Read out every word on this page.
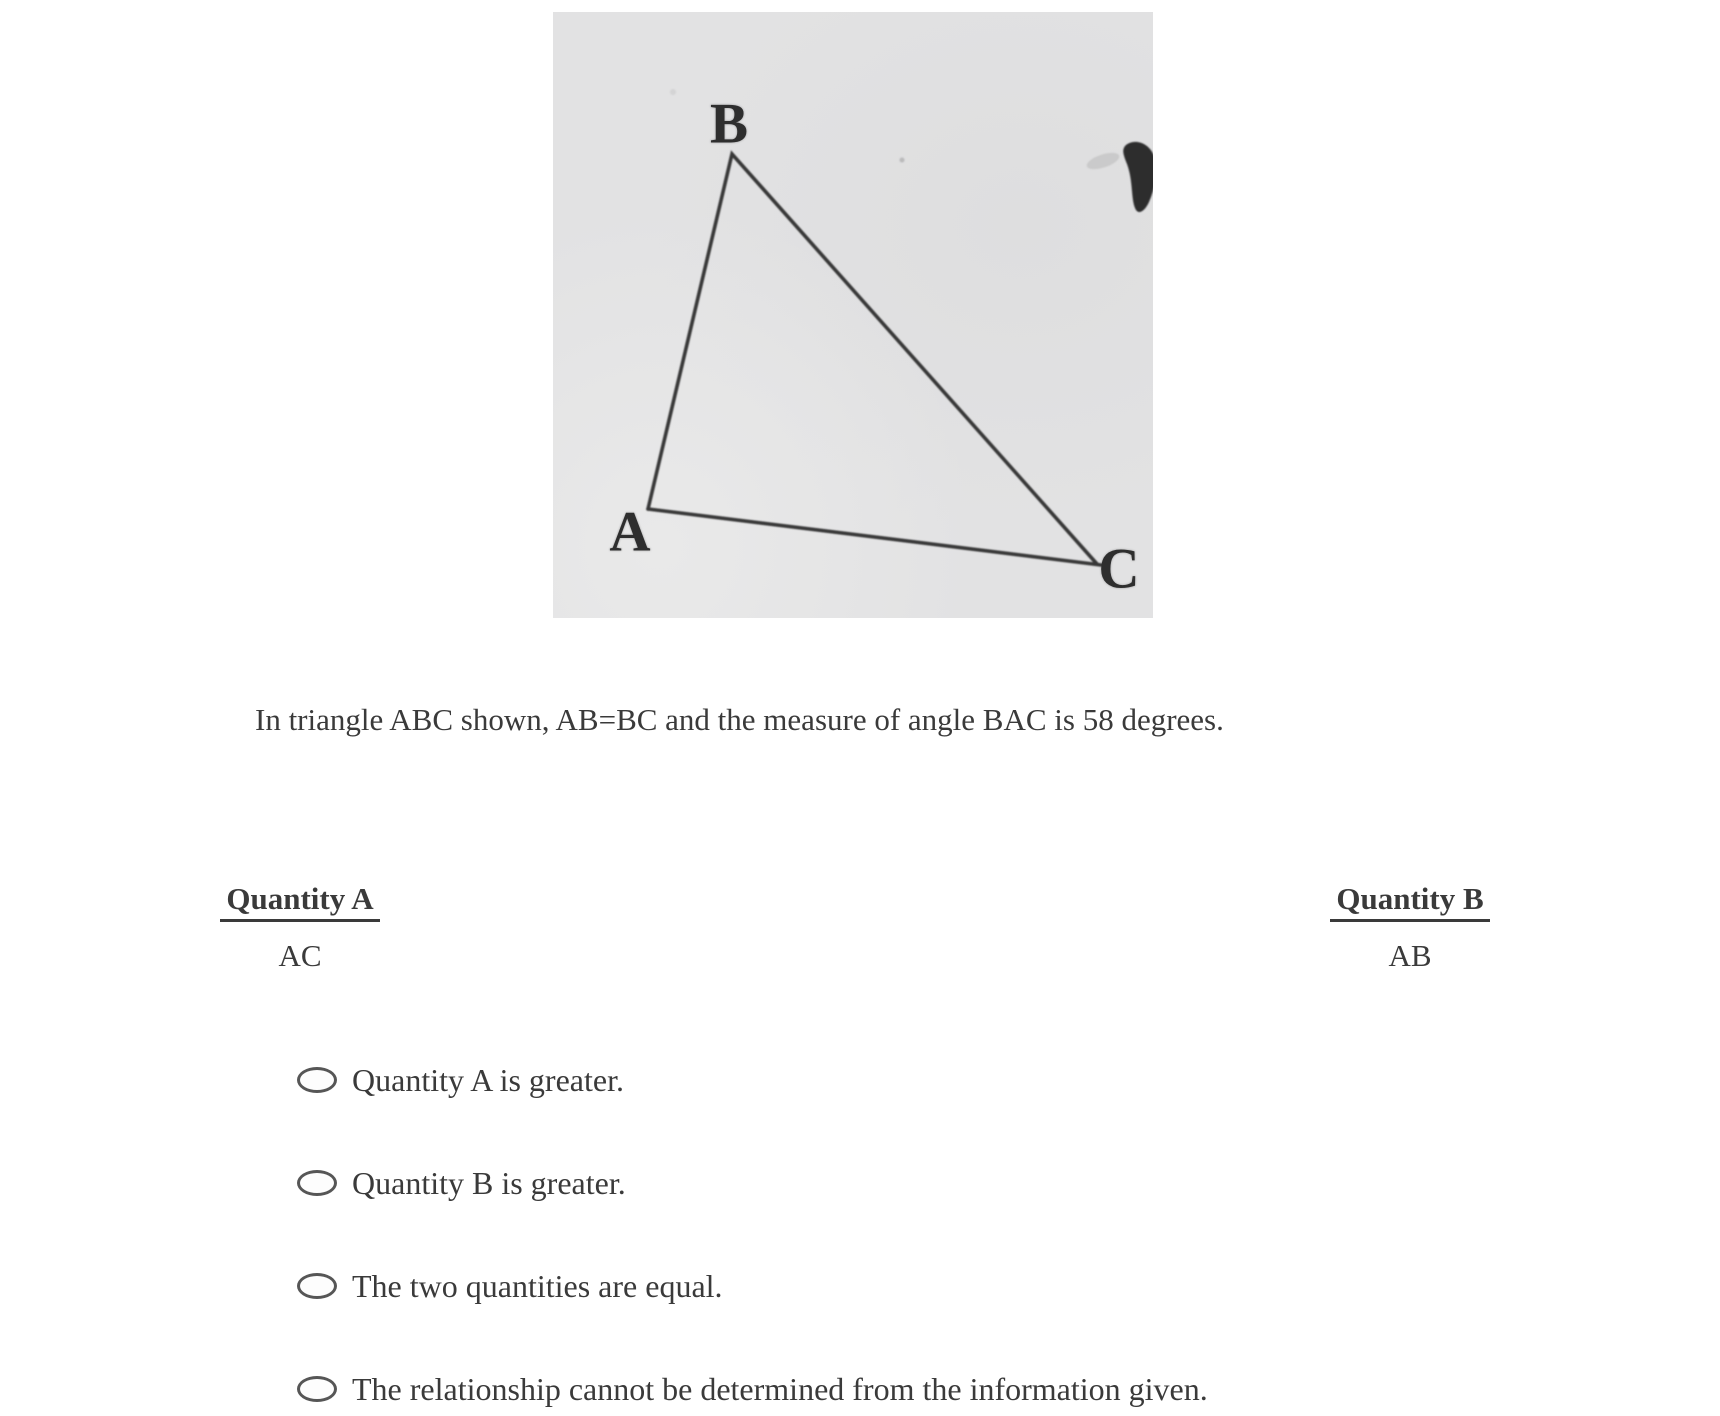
B
A
C
In triangle ABC shown, AB=BC and the measure of angle BAC is 58 degrees.
Quantity A
AC
Quantity B
AB
Quantity A is greater.
Quantity B is greater.
The two quantities are equal.
The relationship cannot be determined from the information given.
